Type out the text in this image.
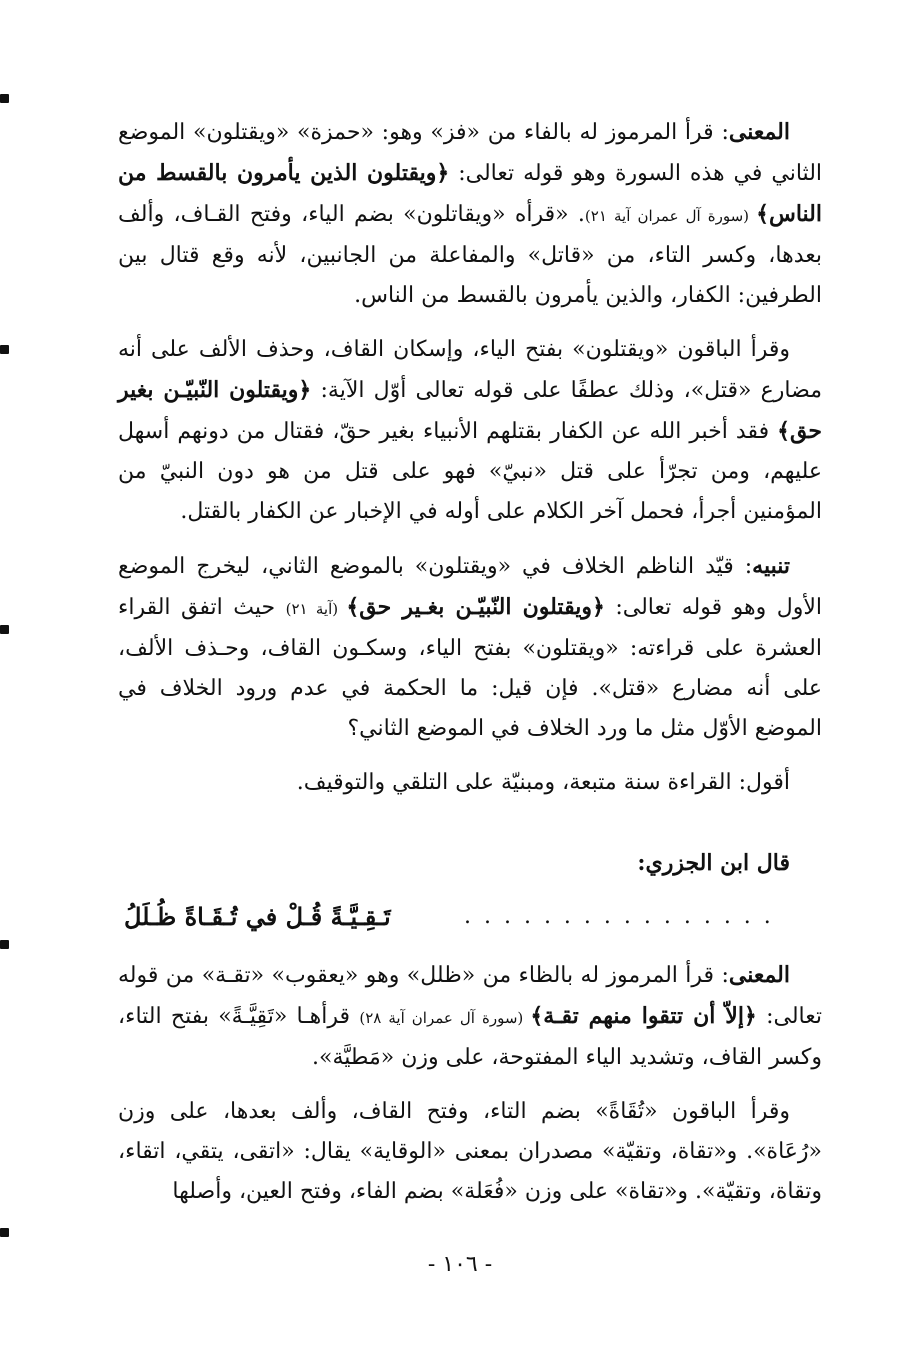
المعنى: قرأ المرموز له بالفاء من «فز» وهو: «حمزة» «ويقتلون» الموضع الثاني في هذه السورة وهو قوله تعالى: ﴿ويقتلون الذين يأمرون بالقسط من الناس﴾ (سورة آل عمران آية ٢١). «قرأه «ويقاتلون» بضم الياء، وفتح القـاف، وألف بعدها، وكسر التاء، من «قاتل» والمفاعلة من الجانبين، لأنه وقع قتال بين الطرفين: الكفار، والذين يأمرون بالقسط من الناس.

وقرأ الباقون «ويقتلون» بفتح الياء، وإسكان القاف، وحذف الألف على أنه مضارع «قتل»، وذلك عطفًا على قوله تعالى أوّل الآية: ﴿ويقتلون النّبيّـن بغير حق﴾ فقد أخبر الله عن الكفار بقتلهم الأنبياء بغير حقّ، فقتال من دونهم أسهل عليهم، ومن تجرّأ على قتل «نبيّ» فهو على قتل من هو دون النبيّ من المؤمنين أجرأ، فحمل آخر الكلام على أوله في الإخبار عن الكفار بالقتل.

تنبيه: قيّد الناظم الخلاف في «ويقتلون» بالموضع الثاني، ليخرج الموضع الأول وهو قوله تعالى: ﴿ويقتلون النّبيّـن بغـير حق﴾ (آية ٢١) حيث اتفق القراء العشرة على قراءته: «ويقتلون» بفتح الياء، وسكـون القاف، وحـذف الألف، على أنه مضارع «قتل». فإن قيل: ما الحكمة في عدم ورود الخلاف في الموضع الأوّل مثل ما ورد الخلاف في الموضع الثاني؟

أقول: القراءة سنة متبعة، ومبنيّة على التلقي والتوقيف.

قال ابن الجزري:

. . . . . . . . . . . . . . . .
تَـقِـيَّـةً قُـلْ في تُـقَـاةً ظُـلَلُ

المعنى: قرأ المرموز له بالظاء من «ظلل» وهو «يعقوب» «تقـة» من قوله تعالى: ﴿إلاّ أن تتقوا منهم تقـة﴾ (سورة آل عمران آية ٢٨) قرأهـا «تَقِيَّـةً» بفتح التاء، وكسر القاف، وتشديد الياء المفتوحة، على وزن «مَطيَّة».

وقرأ الباقون «تُقَاةً» بضم التاء، وفتح القاف، وألف بعدها، على وزن «رُعَاة». و«تقاة، وتقيّة» مصدران بمعنى «الوقاية» يقال: «اتقى، يتقي، اتقاء، وتقاة، وتقيّة». و«تقاة» على وزن «فُعَلة» بضم الفاء، وفتح العين، وأصلها

- ١٠٦ -
